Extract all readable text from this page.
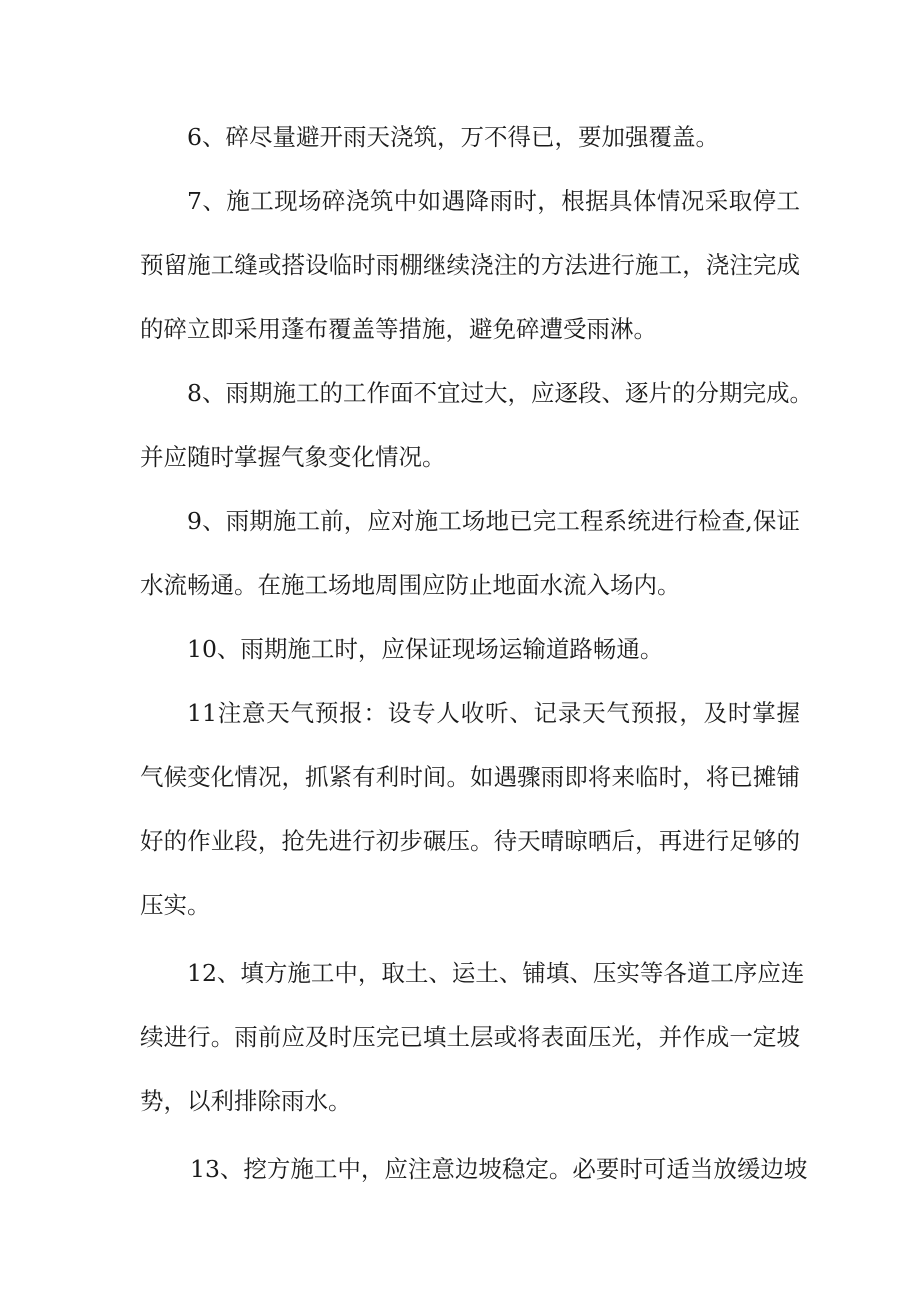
6、碎尽量避开雨天浇筑，万不得已，要加强覆盖。
7、施工现场碎浇筑中如遇降雨时，根据具体情况采取停工
预留施工缝或搭设临时雨棚继续浇注的方法进行施工，浇注完成
的碎立即采用蓬布覆盖等措施，避免碎遭受雨淋。
8、雨期施工的工作面不宜过大，应逐段、逐片的分期完成。
并应随时掌握气象变化情况。
9、雨期施工前，应对施工场地已完工程系统进行检查,保证
水流畅通。在施工场地周围应防止地面水流入场内。
10、雨期施工时，应保证现场运输道路畅通。
11注意天气预报：设专人收听、记录天气预报，及时掌握
气候变化情况，抓紧有利时间。如遇骤雨即将来临时，将已摊铺
好的作业段，抢先进行初步碾压。待天晴晾晒后，再进行足够的
压实。
12、填方施工中，取土、运土、铺填、压实等各道工序应连
续进行。雨前应及时压完已填土层或将表面压光，并作成一定坡
势，以利排除雨水。
13、挖方施工中，应注意边坡稳定。必要时可适当放缓边坡
